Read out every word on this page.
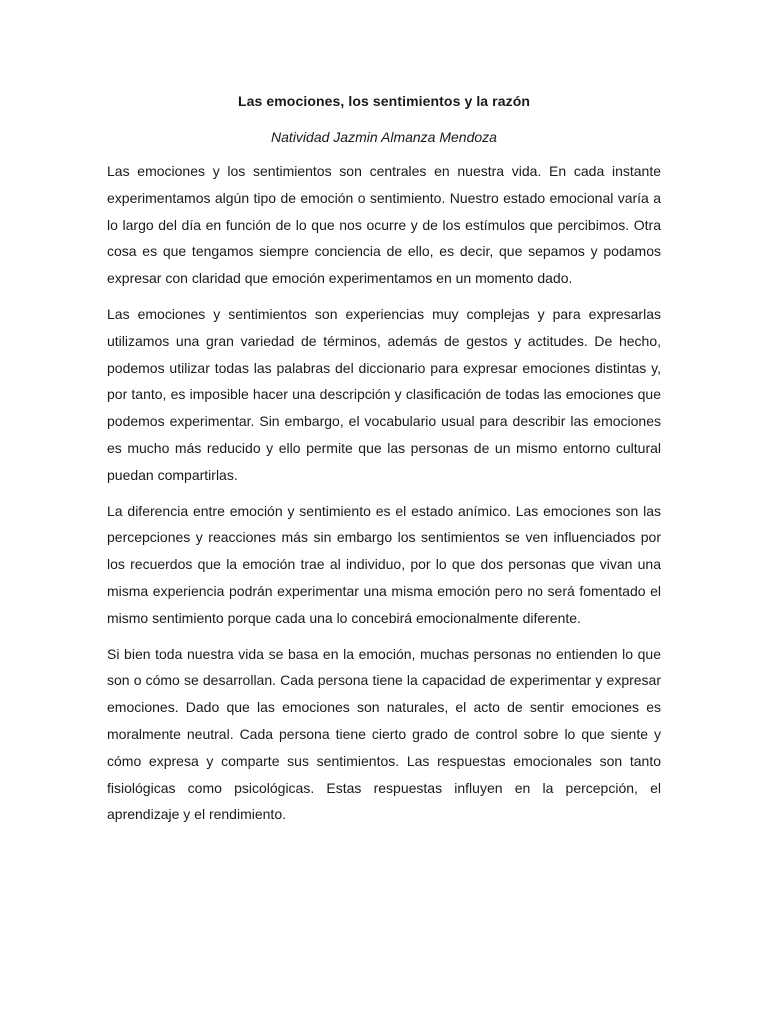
Las emociones, los sentimientos y la razón

Natividad Jazmin Almanza Mendoza

Las emociones y los sentimientos son centrales en nuestra vida. En cada instante experimentamos algún tipo de emoción o sentimiento. Nuestro estado emocional varía a lo largo del día en función de lo que nos ocurre y de los estímulos que percibimos. Otra cosa es que tengamos siempre conciencia de ello, es decir, que sepamos y podamos expresar con claridad que emoción experimentamos en un momento dado.

Las emociones y sentimientos son experiencias muy complejas y para expresarlas utilizamos una gran variedad de términos, además de gestos y actitudes. De hecho, podemos utilizar todas las palabras del diccionario para expresar emociones distintas y, por tanto, es imposible hacer una descripción y clasificación de todas las emociones que podemos experimentar. Sin embargo, el vocabulario usual para describir las emociones es mucho más reducido y ello permite que las personas de un mismo entorno cultural puedan compartirlas.

La diferencia entre emoción y sentimiento es el estado anímico. Las emociones son las percepciones y reacciones más sin embargo los sentimientos se ven influenciados por los recuerdos que la emoción trae al individuo, por lo que dos personas que vivan una misma experiencia podrán experimentar una misma emoción pero no será fomentado el mismo sentimiento porque cada una lo concebirá emocionalmente diferente.

Si bien toda nuestra vida se basa en la emoción, muchas personas no entienden lo que son o cómo se desarrollan. Cada persona tiene la capacidad de experimentar y expresar emociones. Dado que las emociones son naturales, el acto de sentir emociones es moralmente neutral. Cada persona tiene cierto grado de control sobre lo que siente y cómo expresa y comparte sus sentimientos. Las respuestas emocionales son tanto fisiológicas como psicológicas. Estas respuestas influyen en la percepción, el aprendizaje y el rendimiento.
